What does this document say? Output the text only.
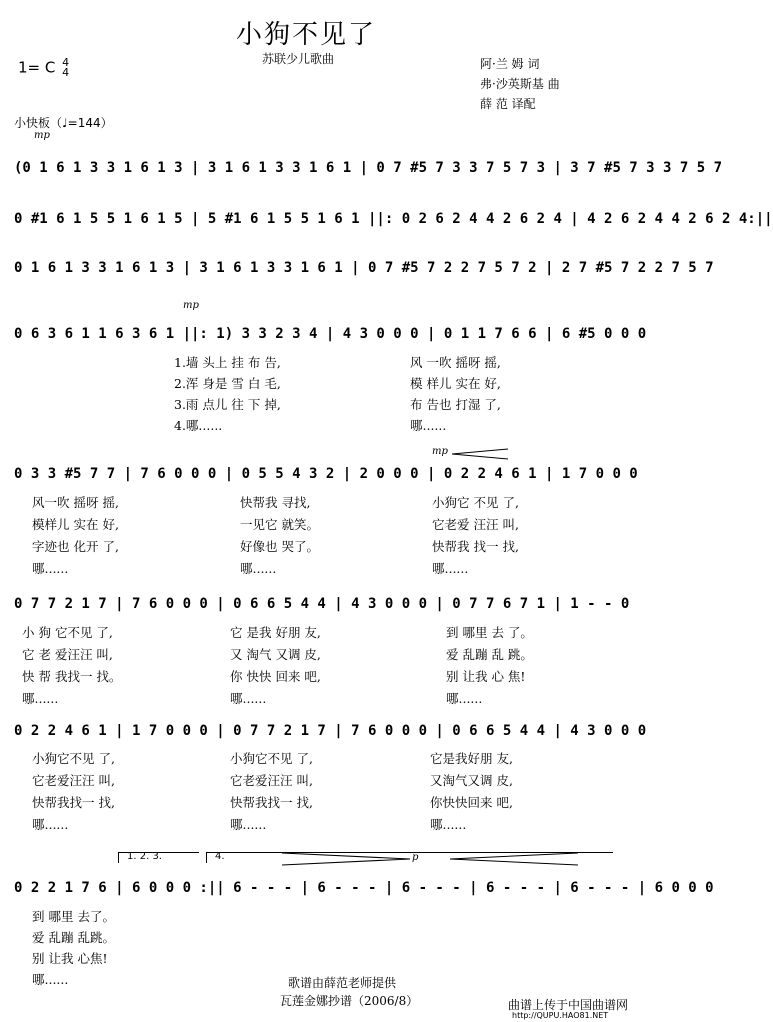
小狗不见了
苏联少儿歌曲
1= C 4
4
阿·兰 姆 词
弗·沙英斯基 曲
薛 范 译配
小快板（♩=144）
mp
mp
mp
p
(0 1 6 1 3 3 1 6 1 3 | 3 1 6 1 3 3 1 6 1 | 0 7 #5 7 3 3 7 5 7 3 | 3 7 #5 7 3 3 7 5 7
0 #1 6 1 5 5 1 6 1 5 | 5 #1 6 1 5 5 1 6 1 ||: 0 2 6 2 4 4 2 6 2 4 | 4 2 6 2 4 4 2 6 2 4:||
0 1 6 1 3 3 1 6 1 3 | 3 1 6 1 3 3 1 6 1 | 0 7 #5 7 2 2 7 5 7 2 | 2 7 #5 7 2 2 7 5 7
0 6 3 6 1 1 6 3 6 1 ||: 1) 3 3 2 3 4 | 4 3 0 0 0 | 0 1 1 7 6 6 | 6 #5 0 0 0
1.墙 头上 挂 布 告,
2.浑 身是 雪 白 毛,
3.雨 点儿 往 下 掉,
4.哪......
风 一吹 摇呀 摇,
模 样儿 实在 好,
布 告也 打湿 了,
哪......
0 3 3 #5 7 7 | 7 6 0 0 0 | 0 5 5 4 3 2 | 2 0 0 0 | 0 2 2 4 6 1 | 1 7 0 0 0
风一吹 摇呀 摇,
模样儿 实在 好,
字迹也 化开 了,
哪......
快帮我 寻找,
一见它 就笑。
好像也 哭了。
哪......
小狗它 不见 了,
它老爱 汪汪 叫,
快帮我 找一 找,
哪......
0 7 7 2 1 7 | 7 6 0 0 0 | 0 6 6 5 4 4 | 4 3 0 0 0 | 0 7 7 6 7 1 | 1 - - 0
小 狗 它不见 了,
它 老 爱汪汪 叫,
快 帮 我找一 找。
哪......
它 是我 好朋 友,
又 淘气 又调 皮,
你 快快 回来 吧,
哪......
到 哪里 去 了。
爱 乱蹦 乱 跳。
别 让我 心 焦!
哪......
0 2 2 4 6 1 | 1 7 0 0 0 | 0 7 7 2 1 7 | 7 6 0 0 0 | 0 6 6 5 4 4 | 4 3 0 0 0
小狗它不见 了,
它老爱汪汪 叫,
快帮我找一 找,
哪......
小狗它不见 了,
它老爱汪汪 叫,
快帮我找一 找,
哪......
它是我好朋 友,
又淘气又调 皮,
你快快回来 吧,
哪......
1. 2. 3.	4.
0 2 2 1 7 6 | 6 0 0 0 :|| 6 - - - | 6 - - - | 6 - - - | 6 - - - | 6 - - - | 6 0 0 0
到 哪里 去了。
爱 乱蹦 乱跳。
别 让我 心焦!
哪......	歌谱由薛范老师提供
瓦莲金娜抄谱（2006/8）	曲谱上传于中国曲谱网
http://QUPU.HAO81.NET
